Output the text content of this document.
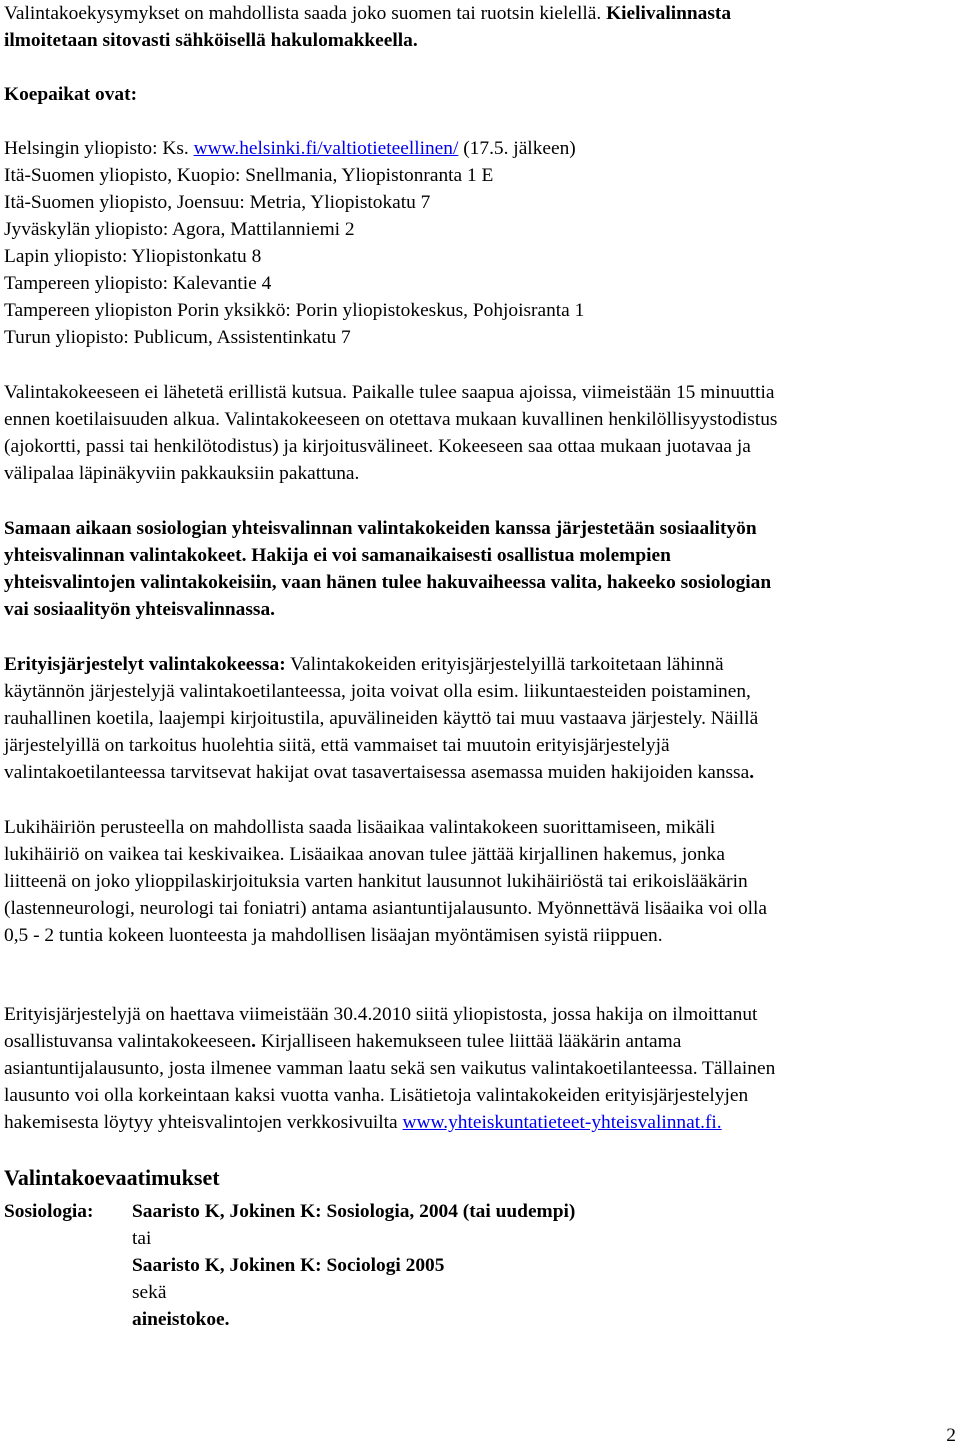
Valintakoekysymykset on mahdollista saada joko suomen tai ruotsin kielellä. Kielivalinnasta
ilmoitetaan sitovasti sähköisellä hakulomakkeella.
Koepaikat ovat:
Helsingin yliopisto: Ks. www.helsinki.fi/valtiotieteellinen/ (17.5. jälkeen)
Itä-Suomen yliopisto, Kuopio: Snellmania, Yliopistonranta 1 E
Itä-Suomen yliopisto, Joensuu: Metria, Yliopistokatu 7
Jyväskylän yliopisto: Agora, Mattilanniemi 2
Lapin yliopisto: Yliopistonkatu 8
Tampereen yliopisto: Kalevantie 4
Tampereen yliopiston Porin yksikkö: Porin yliopistokeskus, Pohjoisranta 1
Turun yliopisto: Publicum, Assistentinkatu 7
Valintakokeeseen ei lähetetä erillistä kutsua. Paikalle tulee saapua ajoissa, viimeistään 15 minuuttia
ennen koetilaisuuden alkua. Valintakokeeseen on otettava mukaan kuvallinen henkilöllisyystodistus
(ajokortti, passi tai henkilötodistus) ja kirjoitusvälineet. Kokeeseen saa ottaa mukaan juotavaa ja
välipalaa läpinäkyviin pakkauksiin pakattuna.
Samaan aikaan sosiologian yhteisvalinnan valintakokeiden kanssa järjestetään sosiaalityön
yhteisvalinnan valintakokeet. Hakija ei voi samanaikaisesti osallistua molempien
yhteisvalintojen valintakokeisiin, vaan hänen tulee hakuvaiheessa valita, hakeeko sosiologian
vai sosiaalityön yhteisvalinnassa.
Erityisjärjestelyt valintakokeessa: Valintakokeiden erityisjärjestelyillä tarkoitetaan lähinnä
käytännön järjestelyjä valintakoetilanteessa, joita voivat olla esim. liikuntaesteiden poistaminen,
rauhallinen koetila, laajempi kirjoitustila, apuvälineiden käyttö tai muu vastaava järjestely. Näillä
järjestelyillä on tarkoitus huolehtia siitä, että vammaiset tai muutoin erityisjärjestelyjä
valintakoetilanteessa tarvitsevat hakijat ovat tasavertaisessa asemassa muiden hakijoiden kanssa.
Lukihäiriön perusteella on mahdollista saada lisäaikaa valintakokeen suorittamiseen, mikäli
lukihäiriö on vaikea tai keskivaikea. Lisäaikaa anovan tulee jättää kirjallinen hakemus, jonka
liitteenä on joko ylioppilaskirjoituksia varten hankitut lausunnot lukihäiriöstä tai erikoislääkärin
(lastenneurologi, neurologi tai foniatri) antama asiantuntijalausunto. Myönnettävä lisäaika voi olla
0,5 - 2 tuntia kokeen luonteesta ja mahdollisen lisäajan myöntämisen syistä riippuen.
Erityisjärjestelyjä on haettava viimeistään 30.4.2010 siitä yliopistosta, jossa hakija on ilmoittanut
osallistuvansa valintakokeeseen. Kirjalliseen hakemukseen tulee liittää lääkärin antama
asiantuntijalausunto, josta ilmenee vamman laatu sekä sen vaikutus valintakoetilanteessa. Tällainen
lausunto voi olla korkeintaan kaksi vuotta vanha. Lisätietoja valintakokeiden erityisjärjestelyjen
hakemisesta löytyy yhteisvalintojen verkkosivuilta www.yhteiskuntatieteet-yhteisvalinnat.fi.
Valintakoevaatimukset
Sosiologia:	Saaristo K, Jokinen K: Sosiologia, 2004 (tai uudempi)
tai
Saaristo K, Jokinen K: Sociologi 2005
sekä
aineistokoe.
2
